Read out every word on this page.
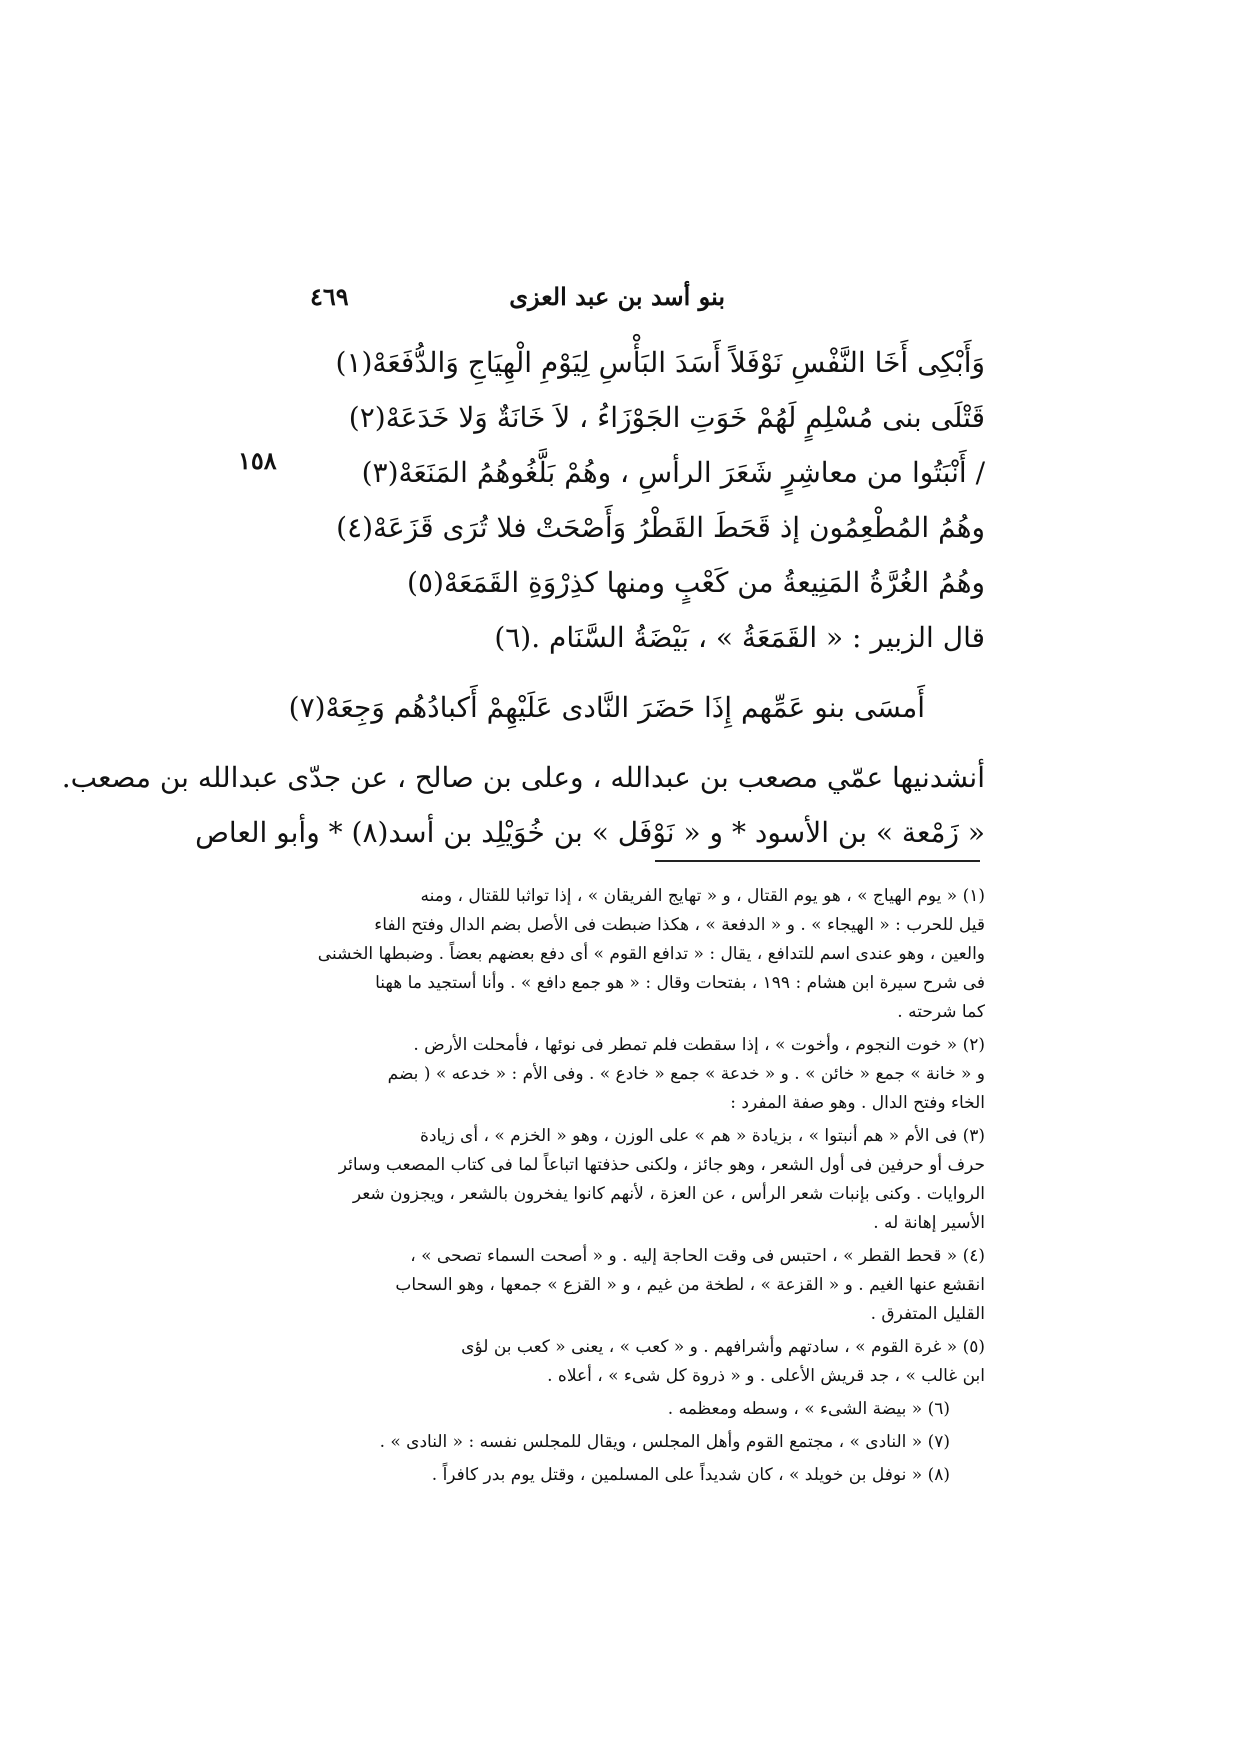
٤٦٩	بنو أسد بن عبد العزى
١٥٨
وَأَبْكِى أَخَا النَّفْسِ نَوْفَلاً أَسَدَ البَأْسِ لِيَوْمِ الْهِيَاجِ وَالدُّفَعَهْ(١)
قَتْلَى بنى مُسْلِمٍ لَهُمْ خَوَتِ الجَوْزَاءُ ، لاَ خَانَةٌ وَلا خَدَعَهْ(٢)
/ أَنْبَتُوا من معاشِرٍ شَعَرَ الرأسِ ، وهُمْ بَلَّغُوهُمُ المَنَعَهْ(٣)
وهُمُ المُطْعِمُون إذ قَحَطَ القَطْرُ وَأَصْحَتْ فلا تُرَى قَزَعَهْ(٤)
وهُمُ الغُرَّةُ المَنِيعةُ من كَعْبٍ ومنها كذِرْوَةِ القَمَعَهْ(٥)
قال الزبير : « القَمَعَةُ » ، بَيْضَةُ السَّنَام .(٦)
أَمسَى بنو عَمِّهم إِذَا حَضَرَ النَّادى عَلَيْهِمْ أَكبادُهُم وَجِعَهْ(٧)
أنشدنيها عمّي مصعب بن عبدالله ، وعلى بن صالح ، عن جدّى عبدالله بن مصعب.
« زَمْعة » بن الأسود * و « نَوْفَل » بن خُوَيْلِد بن أسد(٨) * وأبو العاص
(١) « يوم الهياج » ، هو يوم القتال ، و « تهايج الفريقان » ، إذا تواثبا للقتال ، ومنه
قيل للحرب : « الهيجاء » . و « الدفعة » ، هكذا ضبطت فى الأصل بضم الدال وفتح الفاء
والعين ، وهو عندى اسم للتدافع ، يقال : « تدافع القوم » أى دفع بعضهم بعضاً . وضبطها الخشنى
فى شرح سيرة ابن هشام : ١٩٩ ، بفتحات وقال : « هو جمع دافع » . وأنا أستجيد ما ههنا
كما شرحته .
(٢) « خوت النجوم ، وأخوت » ، إذا سقطت فلم تمطر فى نوئها ، فأمحلت الأرض .
و « خانة » جمع « خائن » . و « خدعة » جمع « خادع » . وفى الأم : « خدعه » ( بضم
الخاء وفتح الدال . وهو صفة المفرد :
(٣) فى الأم « هم أنبتوا » ، بزيادة « هم » على الوزن ، وهو « الخزم » ، أى زيادة
حرف أو حرفين فى أول الشعر ، وهو جائز ، ولكنى حذفتها اتباعاً لما فى كتاب المصعب وسائر
الروايات . وكنى بإنبات شعر الرأس ، عن العزة ، لأنهم كانوا يفخرون بالشعر ، ويجزون شعر
الأسير إهانة له .
(٤) « قحط القطر » ، احتبس فى وقت الحاجة إليه . و « أصحت السماء تصحى » ،
انقشع عنها الغيم . و « القزعة » ، لطخة من غيم ، و « القزع » جمعها ، وهو السحاب
القليل المتفرق .
(٥) « غرة القوم » ، سادتهم وأشرافهم . و « كعب » ، يعنى « كعب بن لؤى
ابن غالب » ، جد قريش الأعلى . و « ذروة كل شىء » ، أعلاه .
(٦) « بيضة الشىء » ، وسطه ومعظمه .
(٧) « النادى » ، مجتمع القوم وأهل المجلس ، ويقال للمجلس نفسه : « النادى » .
(٨) « نوفل بن خويلد » ، كان شديداً على المسلمين ، وقتل يوم بدر كافراً .
